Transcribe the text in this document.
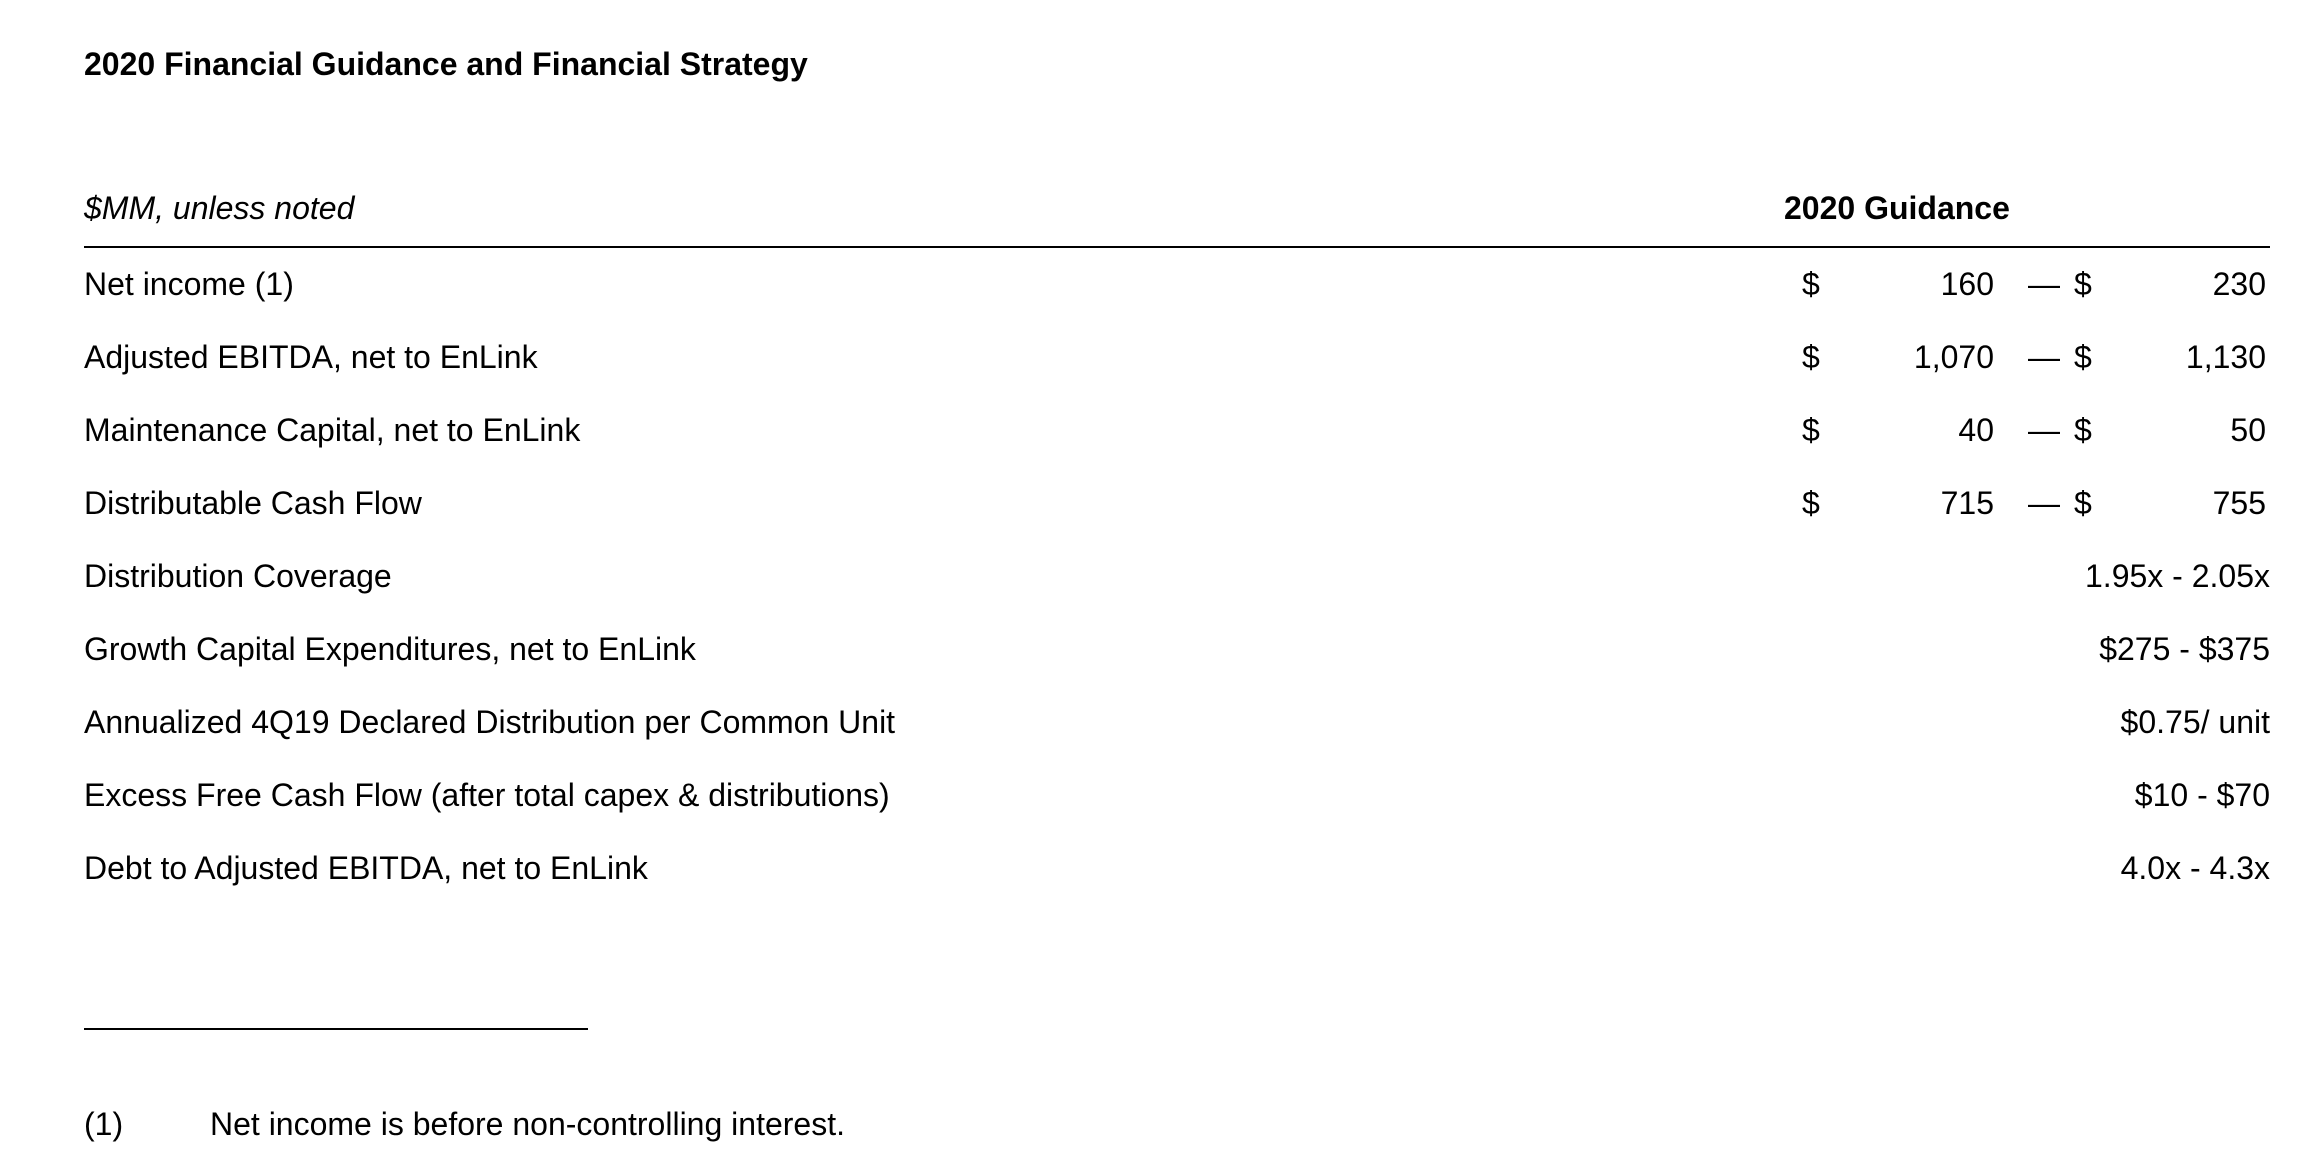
2020 Financial Guidance and Financial Strategy
$MM, unless noted	2020 Guidance
Net income (1)	$	160 — $	230
Adjusted EBITDA, net to EnLink	$	1,070 — $	1,130
Maintenance Capital, net to EnLink	$	40 — $	50
Distributable Cash Flow	$	715 — $	755
Distribution Coverage	1.95x - 2.05x
Growth Capital Expenditures, net to EnLink	$275 - $375
Annualized 4Q19 Declared Distribution per Common Unit	$0.75/ unit
Excess Free Cash Flow (after total capex & distributions)	$10 - $70
Debt to Adjusted EBITDA, net to EnLink	4.0x - 4.3x
(1)	Net income is before non-controlling interest.
